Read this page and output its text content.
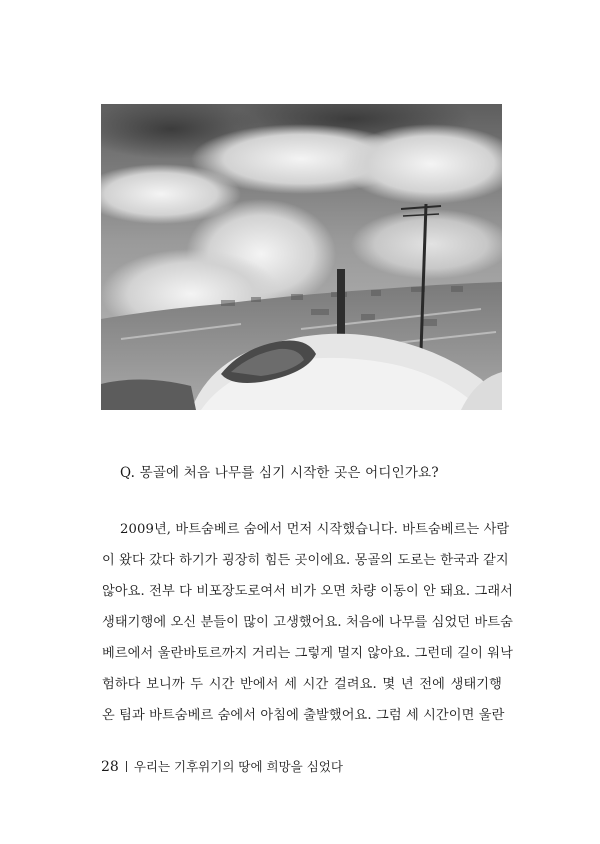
Q. 몽골에 처음 나무를 심기 시작한 곳은 어디인가요?
2009년, 바트숨베르 숨에서 먼저 시작했습니다. 바트숨베르는 사람
이 왔다 갔다 하기가 굉장히 힘든 곳이에요. 몽골의 도로는 한국과 같지
않아요. 전부 다 비포장도로여서 비가 오면 차량 이동이 안 돼요. 그래서
생태기행에 오신 분들이 많이 고생했어요. 처음에 나무를 심었던 바트숨
베르에서 울란바토르까지 거리는 그렇게 멀지 않아요. 그런데 길이 워낙
험하다 보니까 두 시간 반에서 세 시간 걸려요. 몇 년 전에 생태기행
온 팀과 바트숨베르 숨에서 아침에 출발했어요. 그럼 세 시간이면 울란
28 우리는 기후위기의 땅에 희망을 심었다
